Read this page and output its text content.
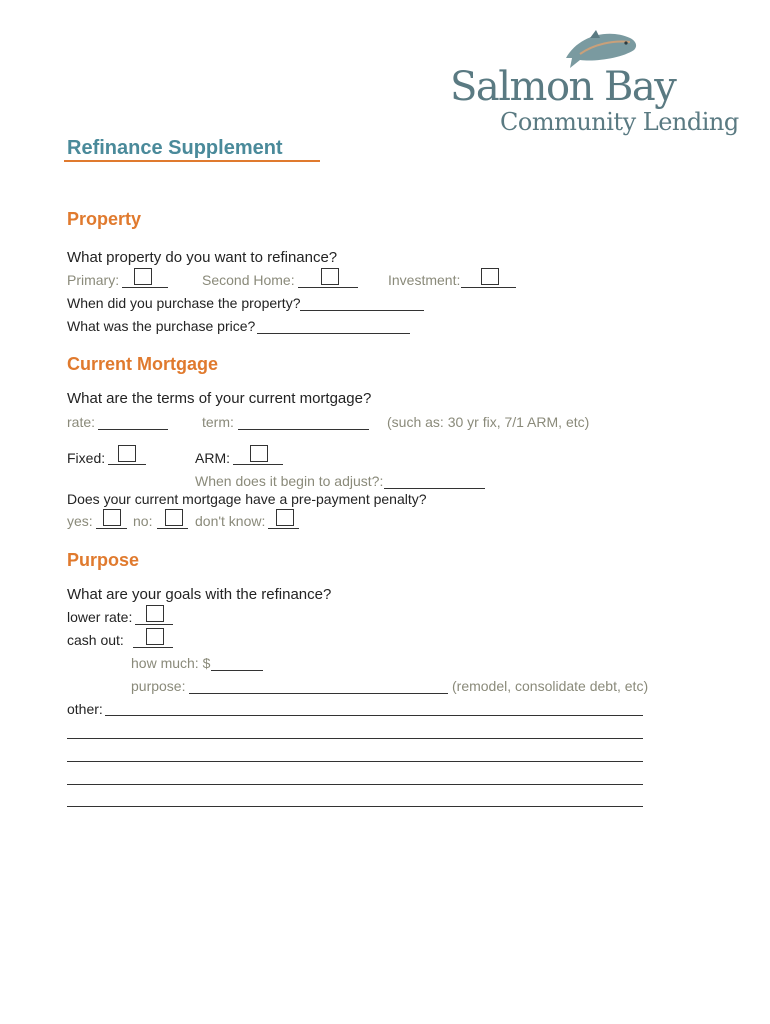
Salmon Bay
Community Lending
Refinance Supplement
Property
What property do you want to refinance?
Primary:	Second Home:	Investment:
When did you purchase the property?
What was the purchase price?
Current Mortgage
What are the terms of your current mortgage?
rate:	term:	(such as: 30 yr fix, 7/1 ARM, etc)
Fixed:	ARM:
When does it begin to adjust?:
Does your current mortgage have a pre-payment penalty?
yes:	no:	don't know:
Purpose
What are your goals with the refinance?
lower rate:
cash out:
how much: $
purpose:	(remodel, consolidate debt, etc)
other:
